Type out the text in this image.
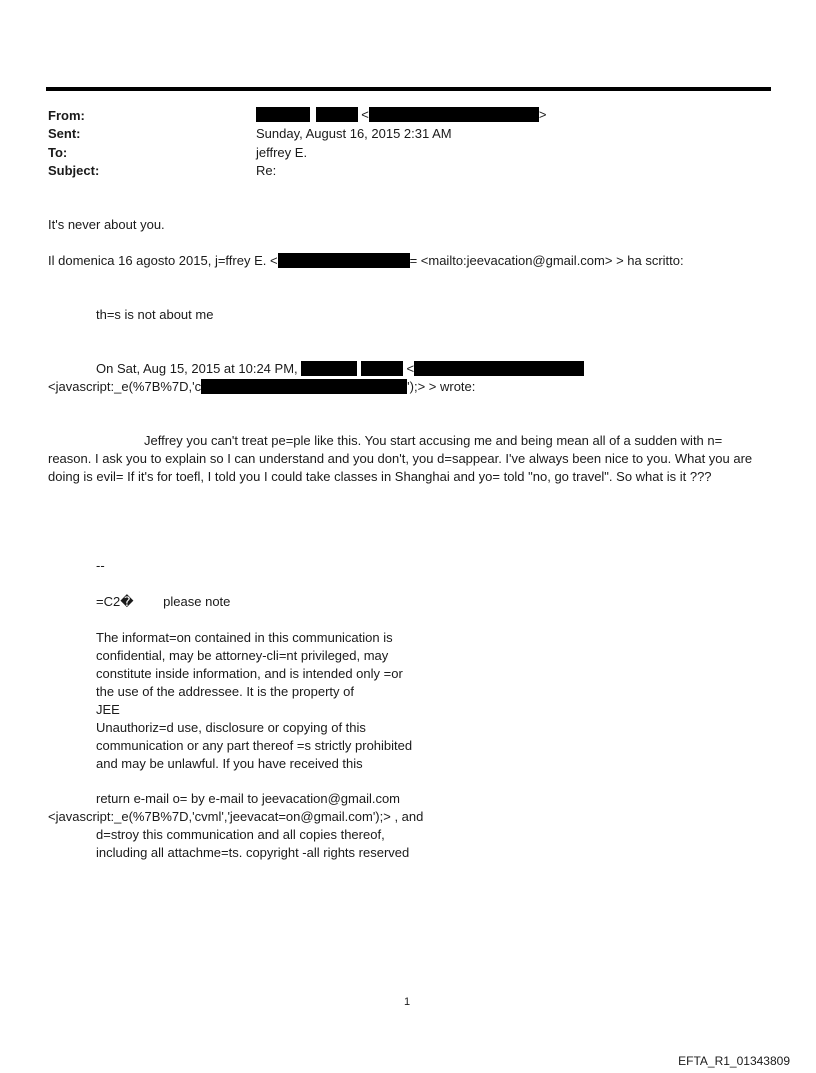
From:	<	>
Sent:	Sunday, August 16, 2015 2:31 AM
To:	jeffrey E.
Subject:	Re:
It's never about you.
Il domenica 16 agosto 2015, j=ffrey E. <	= <mailto:jeevacation@gmail.com> > ha scritto:
th=s is not about me
On Sat, Aug 15, 2015 at 10:24 PM,	<
<javascript:_e(%7B%7D,'c	');> > wrote:
Jeffrey you can't treat pe=ple like this. You start accusing me and being mean all of a sudden with n= reason. I ask you to explain so I can understand and you don't, you d=sappear. I've always been nice to you. What you are doing is evil= If it's for toefl, I told you I could take classes in Shanghai and yo= told "no, go travel". So what is it ???
--
=C2� please note
The informat=on contained in this communication is
confidential, may be attorney-cli=nt privileged, may
constitute inside information, and is intended only =or
the use of the addressee. It is the property of
JEE
Unauthoriz=d use, disclosure or copying of this
communication or any part thereof =s strictly prohibited
and may be unlawful. If you have received this
return e-mail o= by e-mail to jeevacation@gmail.com
<javascript:_e(%7B%7D,'cvml','jeevacat=on@gmail.com');> , and
d=stroy this communication and all copies thereof,
including all attachme=ts. copyright -all rights reserved
1
EFTA_R1_01343809
